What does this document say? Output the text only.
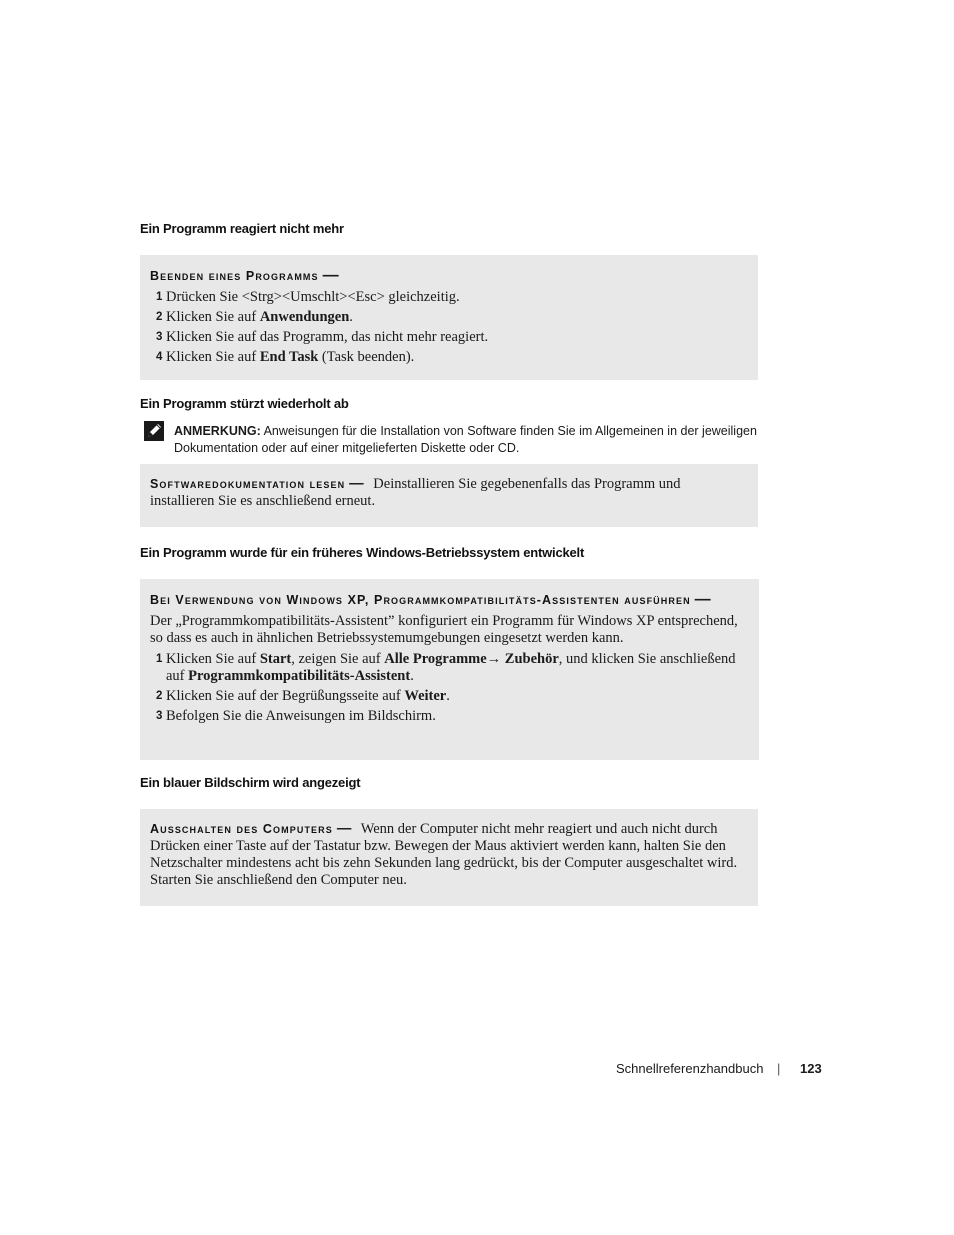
Ein Programm reagiert nicht mehr
Beenden eines Programms —

1 Drücken Sie <Strg><Umschlt><Esc> gleichzeitig.

2 Klicken Sie auf Anwendungen.

3 Klicken Sie auf das Programm, das nicht mehr reagiert.

4 Klicken Sie auf End Task (Task beenden).

Ein Programm stürzt wiederholt ab
ANMERKUNG: Anweisungen für die Installation von Software finden Sie im Allgemeinen in der jeweiligen Dokumentation oder auf einer mitgelieferten Diskette oder CD.
Softwaredokumentation lesen — Deinstallieren Sie gegebenenfalls das Programm und installieren Sie es anschließend erneut.
Ein Programm wurde für ein früheres Windows-Betriebssystem entwickelt
Bei Verwendung von Windows XP, Programmkompatibilitäts-Assistenten ausführen —
Der „Programmkompatibilitäts-Assistent” konfiguriert ein Programm für Windows XP entsprechend, so dass es auch in ähnlichen Betriebssystemumgebungen eingesetzt werden kann.

1 Klicken Sie auf Start, zeigen Sie auf Alle Programme→ Zubehör, und klicken Sie anschließend auf Programmkompatibilitäts-Assistent.

2 Klicken Sie auf der Begrüßungsseite auf Weiter.

3 Befolgen Sie die Anweisungen im Bildschirm.

Ein blauer Bildschirm wird angezeigt
Ausschalten des Computers — Wenn der Computer nicht mehr reagiert und auch nicht durch Drücken einer Taste auf der Tastatur bzw. Bewegen der Maus aktiviert werden kann, halten Sie den Netzschalter mindestens acht bis zehn Sekunden lang gedrückt, bis der Computer ausgeschaltet wird. Starten Sie anschließend den Computer neu.
Schnellreferenzhandbuch | 123
